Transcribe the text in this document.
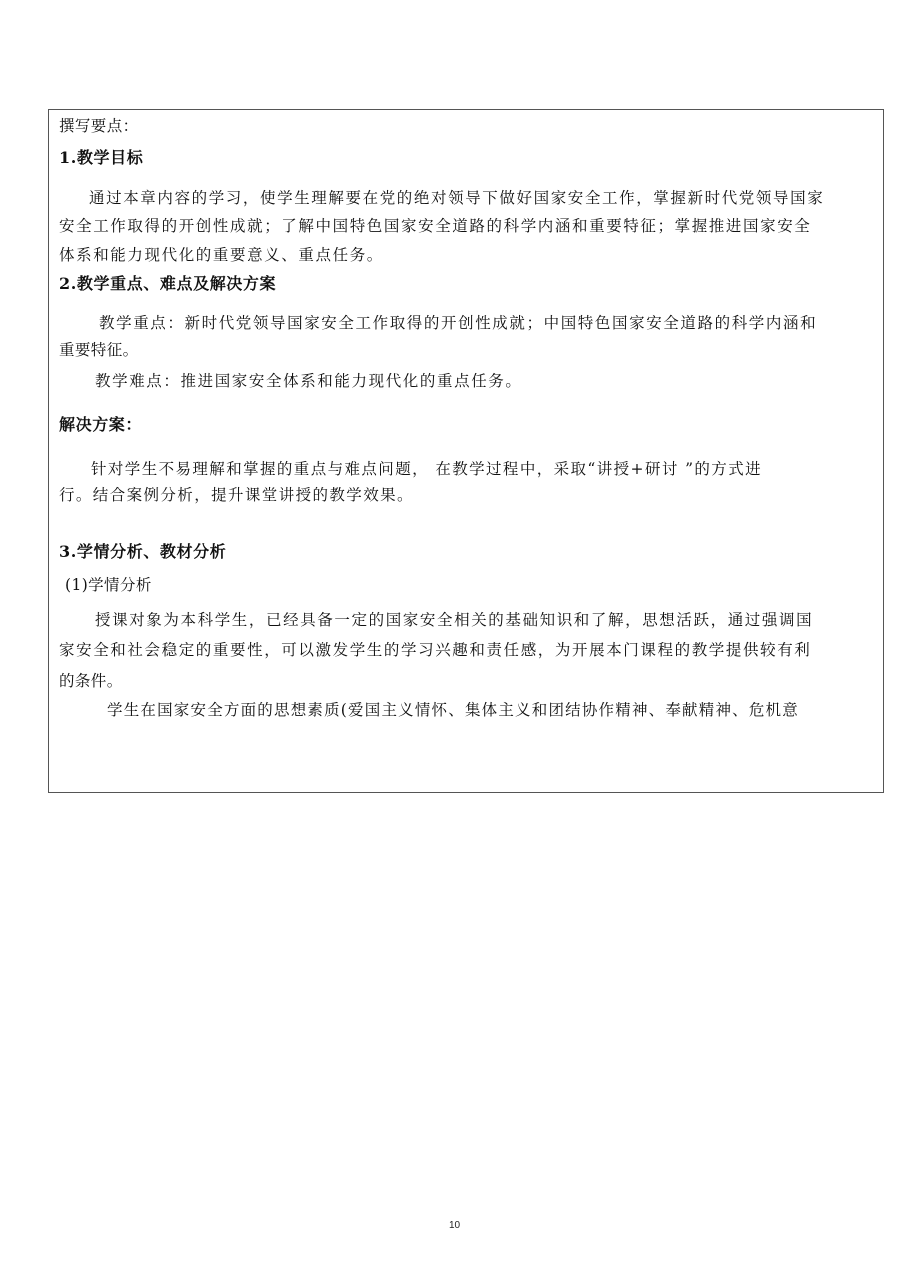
撰写要点：
1.教学目标
通过本章内容的学习，使学生理解要在党的绝对领导下做好国家安全工作，掌握新时代党领导国家
安全工作取得的开创性成就；了解中国特色国家安全道路的科学内涵和重要特征；掌握推进国家安全
体系和能力现代化的重要意义、重点任务。
2.教学重点、难点及解决方案
教学重点：新时代党领导国家安全工作取得的开创性成就；中国特色国家安全道路的科学内涵和
重要特征。
教学难点：推进国家安全体系和能力现代化的重点任务。
解决方案：
针对学生不易理解和掌握的重点与难点问题， 在教学过程中，采取“讲授+研讨 ”的方式进
行。结合案例分析，提升课堂讲授的教学效果。
3.学情分析、教材分析
(1)学情分析
授课对象为本科学生，已经具备一定的国家安全相关的基础知识和了解，思想活跃，通过强调国
家安全和社会稳定的重要性，可以激发学生的学习兴趣和责任感，为开展本门课程的教学提供较有利
的条件。
学生在国家安全方面的思想素质(爱国主义情怀、集体主义和团结协作精神、奉献精神、危机意
10
